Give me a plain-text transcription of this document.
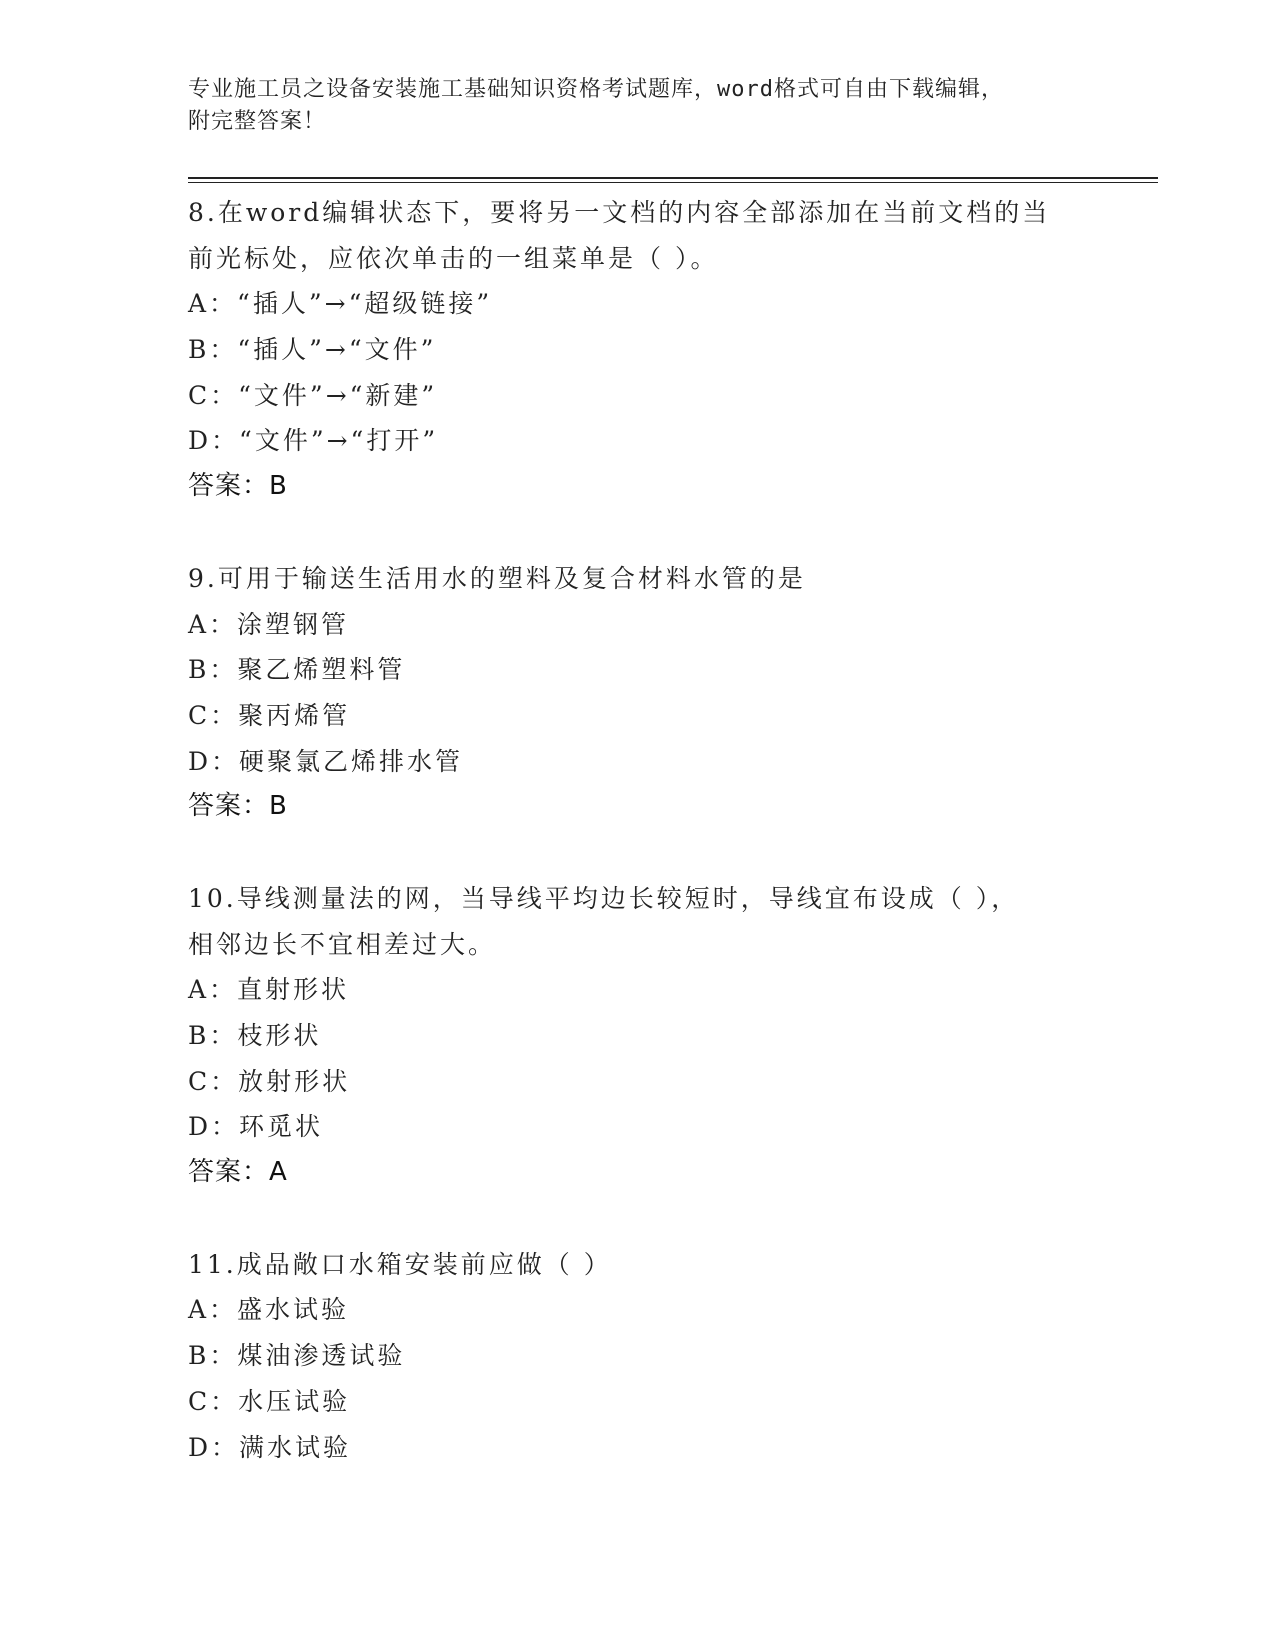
专业施工员之设备安装施工基础知识资格考试题库，word格式可自由下载编辑，
附完整答案！
8.在word编辑状态下，要将另一文档的内容全部添加在当前文档的当
前光标处，应依次单击的一组菜单是（ ）。
A：“插人”→“超级链接”
B：“插人”→“文件”
C：“文件”→“新建”
D：“文件”→“打开”
答案：B
9.可用于输送生活用水的塑料及复合材料水管的是
A：涂塑钢管
B：聚乙烯塑料管
C：聚丙烯管
D：硬聚氯乙烯排水管
答案：B
10.导线测量法的网，当导线平均边长较短时，导线宜布设成（ ），
相邻边长不宜相差过大。
A：直射形状
B：枝形状
C：放射形状
D：环觅状
答案：A
11.成品敞口水箱安装前应做（ ）
A：盛水试验
B：煤油渗透试验
C：水压试验
D：满水试验
